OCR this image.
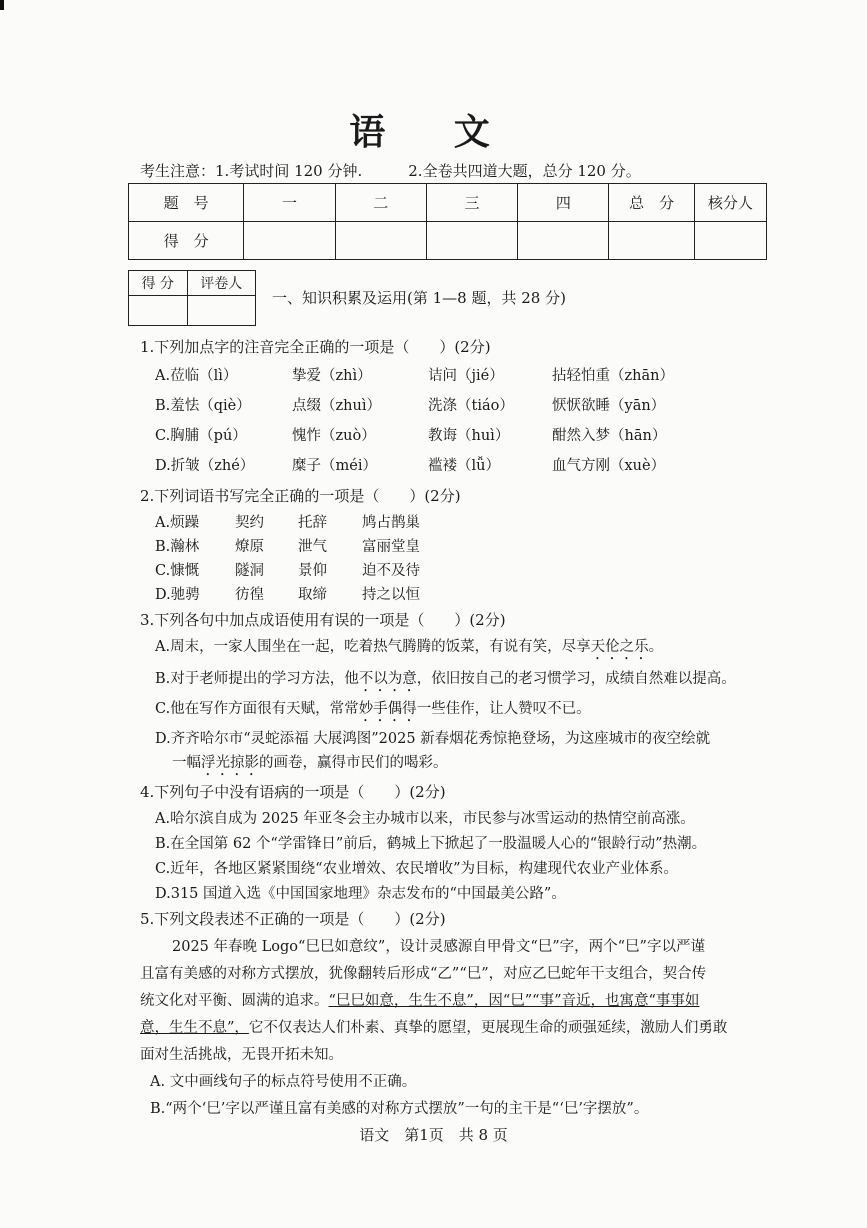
语 文
考生注意：1.考试时间 120 分钟.	2.全卷共四道大题，总分 120 分。
题　号	一	二	三	四	总　分	核分人
得　分						
得 分	评卷人

一、知识积累及运用(第 1—8 题，共 28 分)
1.下列加点字的注音完全正确的一项是（　　）(2分)
A.莅临（lì）	挚爱（zhì）	诘问（jié）	拈轻怕重（zhān）
B.羞怯（qiè）	点缀（zhuì）	洗涤（tiáo）	恹恹欲睡（yān）
C.胸脯（pú）	愧怍（zuò）	教诲（huì）	酣然入梦（hān）
D.折皱（zhé）	糜子（méi）	褴褛（lǚ）	血气方刚（xuè）
2.下列词语书写完全正确的一项是（　　）(2分)
A.烦躁 契约 托辞 鸠占鹊巢
B.瀚林 燎原 泄气 富丽堂皇
C.慷慨 隧洞 景仰 迫不及待
D.驰骋 彷徨 取缔 持之以恒
3.下列各句中加点成语使用有误的一项是（　　）(2分)
A.周末，一家人围坐在一起，吃着热气腾腾的饭菜，有说有笑，尽享天伦之乐。
B.对于老师提出的学习方法，他不以为意，依旧按自己的老习惯学习，成绩自然难以提高。
C.他在写作方面很有天赋，常常妙手偶得一些佳作，让人赞叹不已。
D.齐齐哈尔市“灵蛇添福 大展鸿图”2025 新春烟花秀惊艳登场，为这座城市的夜空绘就
一幅浮光掠影的画卷，赢得市民们的喝彩。
4.下列句子中没有语病的一项是（　　）(2分)
A.哈尔滨自成为 2025 年亚冬会主办城市以来，市民参与冰雪运动的热情空前高涨。
B.在全国第 62 个“学雷锋日”前后，鹤城上下掀起了一股温暖人心的“银龄行动”热潮。
C.近年，各地区紧紧围绕“农业增效、农民增收”为目标，构建现代农业产业体系。
D.315 国道入选《中国国家地理》杂志发布的“中国最美公路”。
5.下列文段表述不正确的一项是（　　）(2分)
2025 年春晚 Logo“巳巳如意纹”，设计灵感源自甲骨文“巳”字，两个“巳”字以严谨
且富有美感的对称方式摆放，犹像翻转后形成“乙”“巳”，对应乙巳蛇年干支组合，契合传
统文化对平衡、圆满的追求。“巳巳如意，生生不息”，因“巳”“事”音近，也寓意“事事如
意，生生不息”，它不仅表达人们朴素、真挚的愿望，更展现生命的顽强延续，激励人们勇敢
面对生活挑战，无畏开拓未知。
A. 文中画线句子的标点符号使用不正确。
B.“两个‘巳’字以严谨且富有美感的对称方式摆放”一句的主干是“‘巳’字摆放”。
语文　第1页　共 8 页
